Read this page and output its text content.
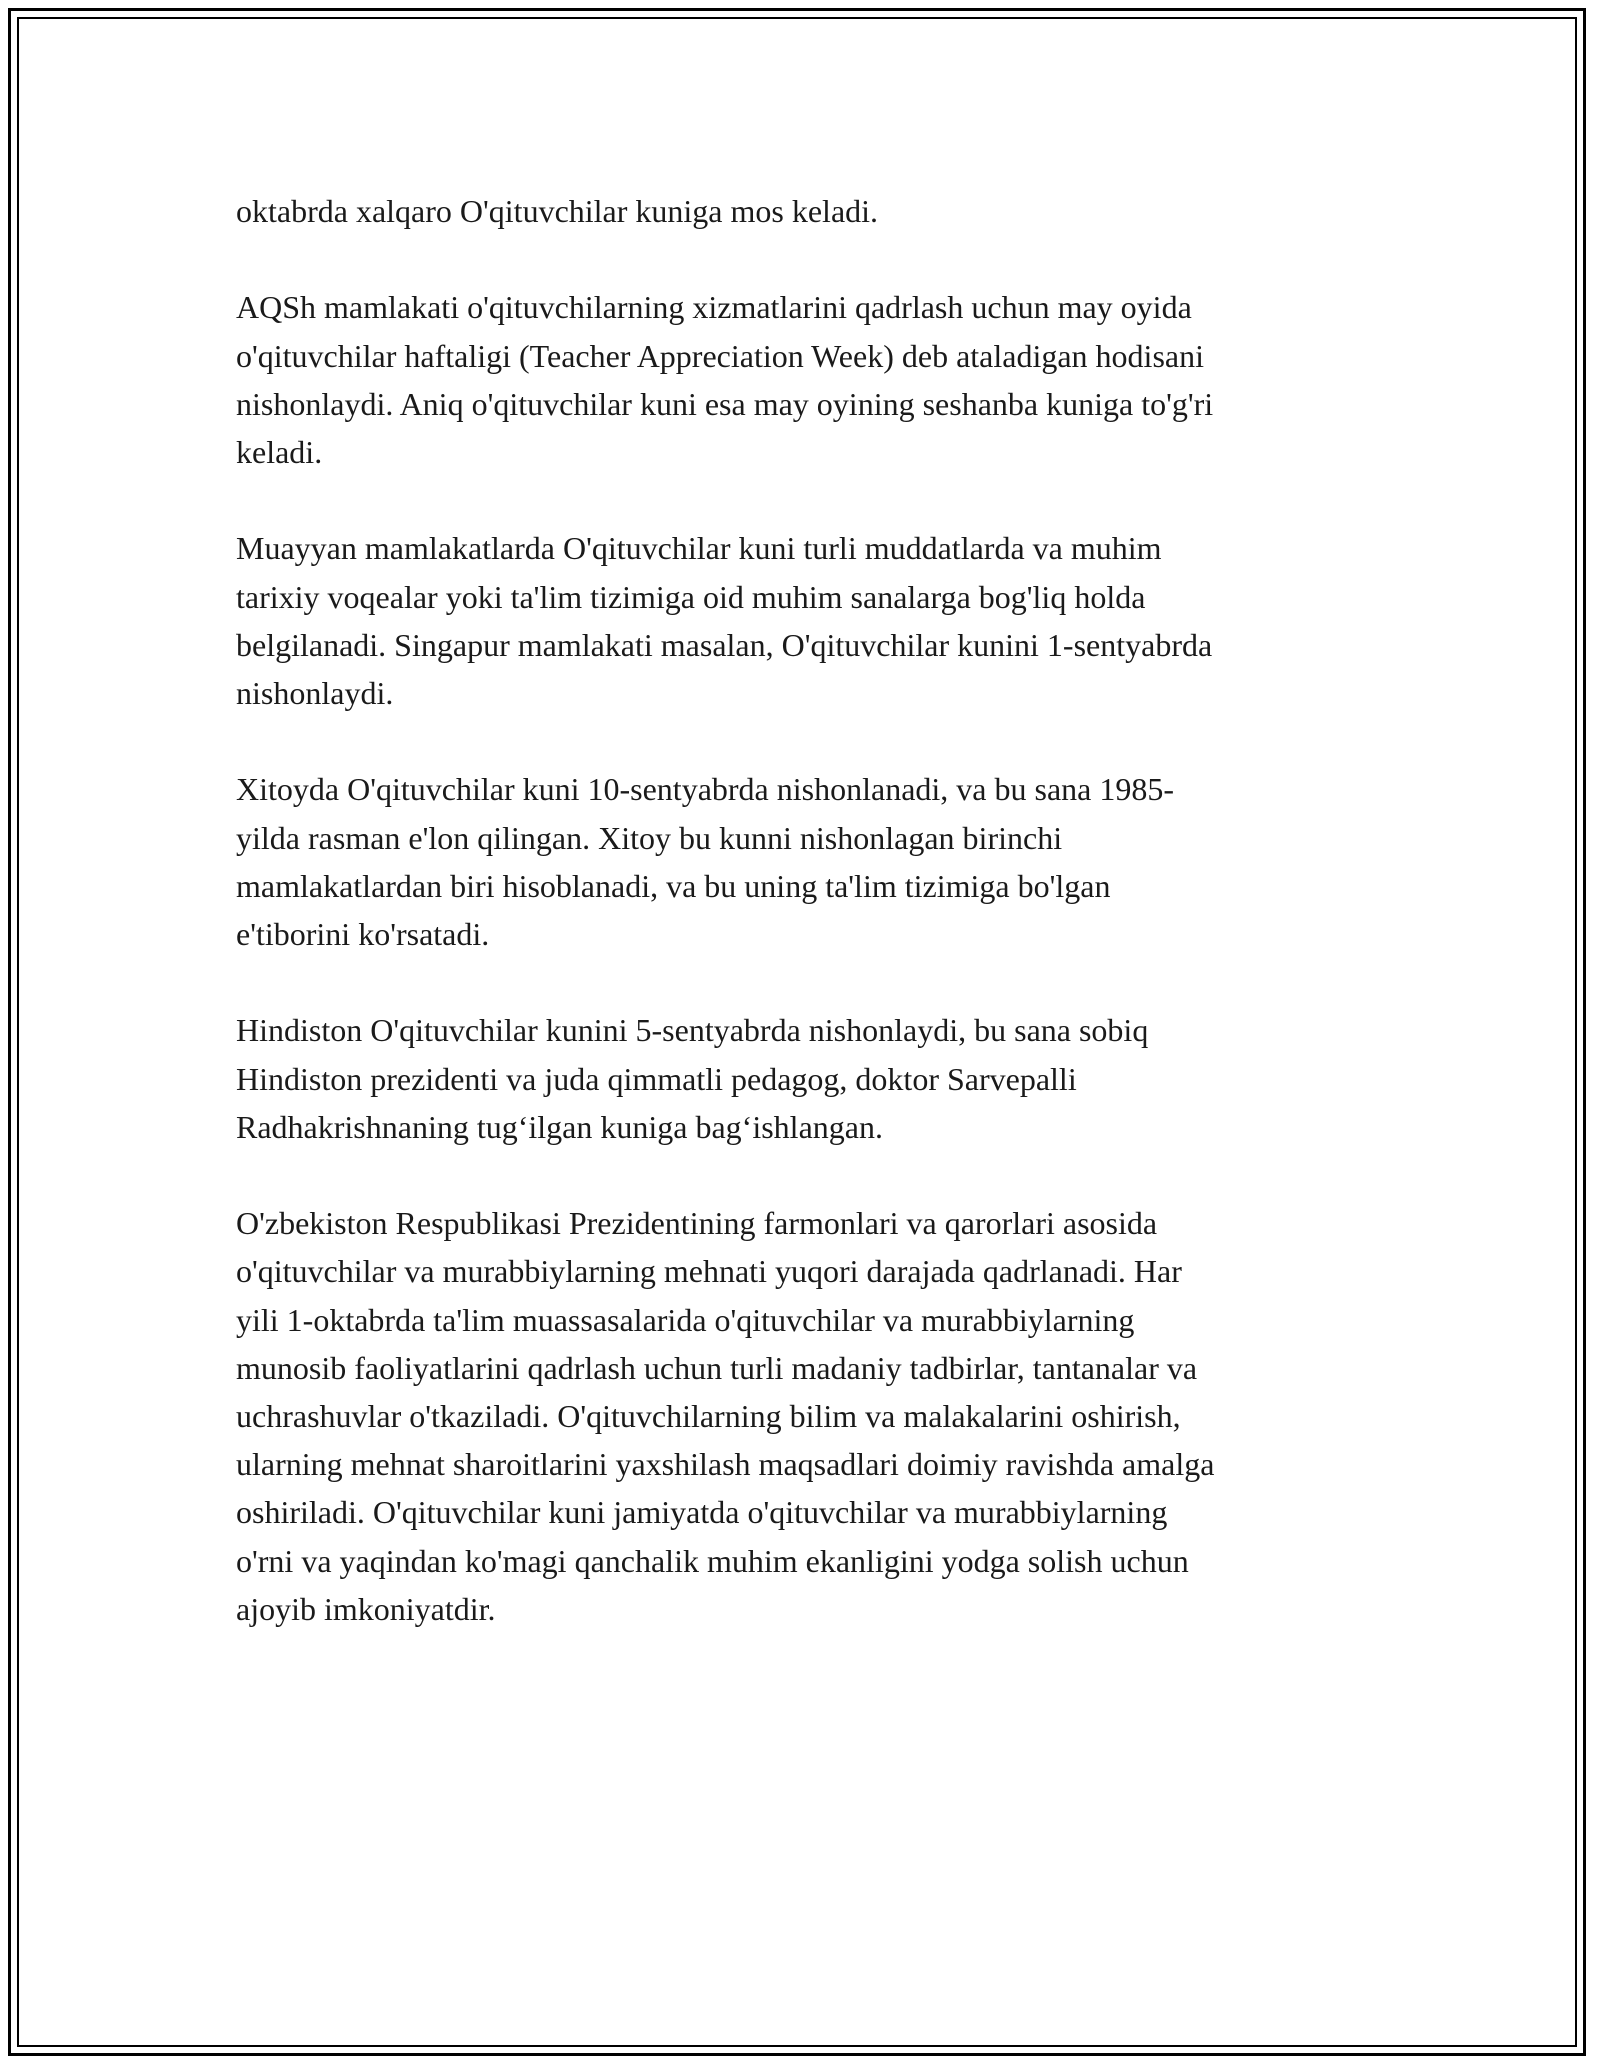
oktabrda xalqaro O'qituvchilar kuniga mos keladi.

AQSh mamlakati o'qituvchilarning xizmatlarini qadrlash uchun may oyida
o'qituvchilar haftaligi (Teacher Appreciation Week) deb ataladigan hodisani
nishonlaydi. Aniq o'qituvchilar kuni esa may oyining seshanba kuniga to'g'ri
keladi.

Muayyan mamlakatlarda O'qituvchilar kuni turli muddatlarda va muhim
tarixiy voqealar yoki ta'lim tizimiga oid muhim sanalarga bog'liq holda
belgilanadi. Singapur mamlakati masalan, O'qituvchilar kunini 1-sentyabrda
nishonlaydi.

Xitoyda O'qituvchilar kuni 10-sentyabrda nishonlanadi, va bu sana 1985-
yilda rasman e'lon qilingan. Xitoy bu kunni nishonlagan birinchi
mamlakatlardan biri hisoblanadi, va bu uning ta'lim tizimiga bo'lgan
e'tiborini ko'rsatadi.

Hindiston O'qituvchilar kunini 5-sentyabrda nishonlaydi, bu sana sobiq
Hindiston prezidenti va juda qimmatli pedagog, doktor Sarvepalli
Radhakrishnaning tug‘ilgan kuniga bag‘ishlangan.

O'zbekiston Respublikasi Prezidentining farmonlari va qarorlari asosida
o'qituvchilar va murabbiylarning mehnati yuqori darajada qadrlanadi. Har
yili 1-oktabrda ta'lim muassasalarida o'qituvchilar va murabbiylarning
munosib faoliyatlarini qadrlash uchun turli madaniy tadbirlar, tantanalar va
uchrashuvlar o'tkaziladi. O'qituvchilarning bilim va malakalarini oshirish,
ularning mehnat sharoitlarini yaxshilash maqsadlari doimiy ravishda amalga
oshiriladi. O'qituvchilar kuni jamiyatda o'qituvchilar va murabbiylarning
o'rni va yaqindan ko'magi qanchalik muhim ekanligini yodga solish uchun
ajoyib imkoniyatdir.
